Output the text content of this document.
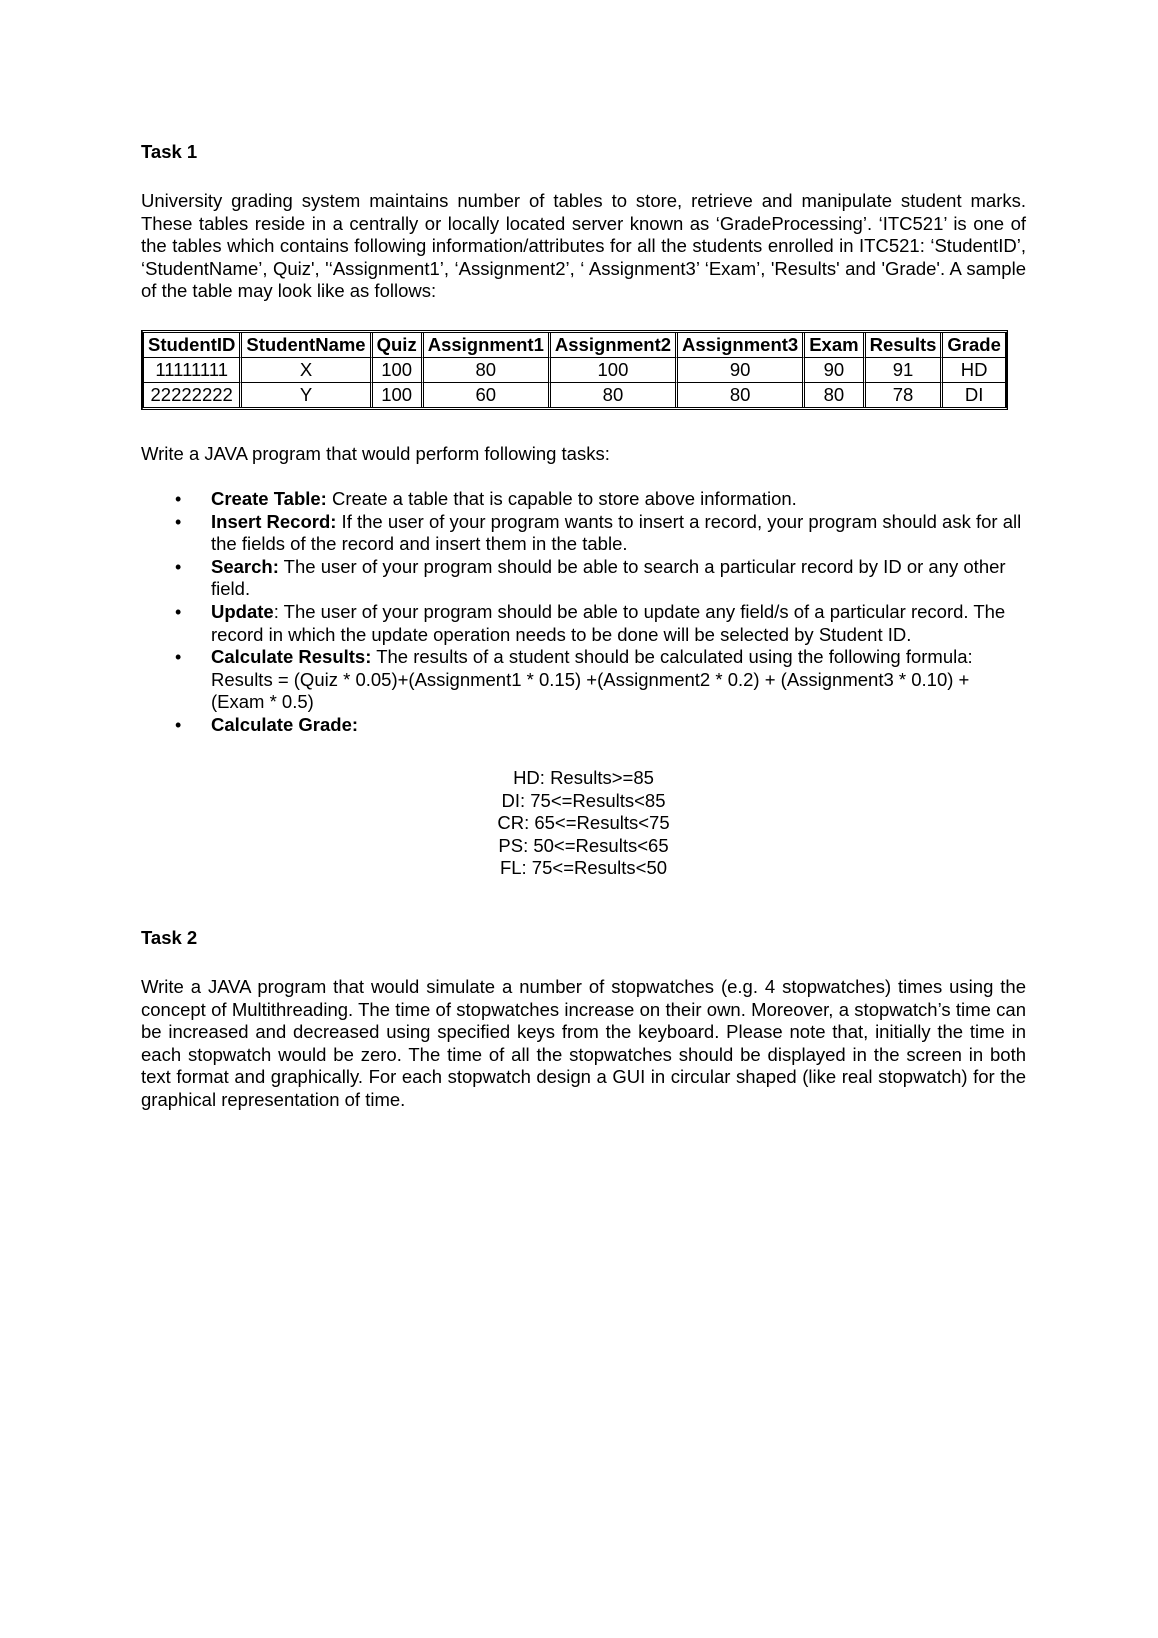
Task 1
University grading system maintains number of tables to store, retrieve and manipulate student marks. These tables reside in a centrally or locally located server known as ‘GradeProcessing’. ‘ITC521’ is one of the tables which contains following information/attributes for all the students enrolled in ITC521: ‘StudentID’, ‘StudentName’, Quiz', '‘Assignment1’, ‘Assignment2’, ‘ Assignment3’ ‘Exam’, 'Results' and 'Grade'. A sample of the table may look like as follows:
StudentID	StudentName	Quiz	Assignment1	Assignment2	Assignment3	Exam	Results	Grade
11111111	X	100	80	100	90	90	91	HD
22222222	Y	100	60	80	80	80	78	DI
Write a JAVA program that would perform following tasks:
• Create Table: Create a table that is capable to store above information.
• Insert Record: If the user of your program wants to insert a record, your program should ask for all the fields of the record and insert them in the table.
• Search: The user of your program should be able to search a particular record by ID or any other field.
• Update: The user of your program should be able to update any field/s of a particular record. The record in which the update operation needs to be done will be selected by Student ID.
• Calculate Results: The results of a student should be calculated using the following formula: Results = (Quiz * 0.05)+(Assignment1 * 0.15) +(Assignment2 * 0.2) + (Assignment3 * 0.10) + (Exam * 0.5)
• Calculate Grade:
HD: Results>=85
DI: 75<=Results<85
CR: 65<=Results<75
PS: 50<=Results<65
FL: 75<=Results<50
Task 2
Write a JAVA program that would simulate a number of stopwatches (e.g. 4 stopwatches) times using the concept of Multithreading. The time of stopwatches increase on their own. Moreover, a stopwatch’s time can be increased and decreased using specified keys from the keyboard. Please note that, initially the time in each stopwatch would be zero. The time of all the stopwatches should be displayed in the screen in both text format and graphically. For each stopwatch design a GUI in circular shaped (like real stopwatch) for the graphical representation of time.
